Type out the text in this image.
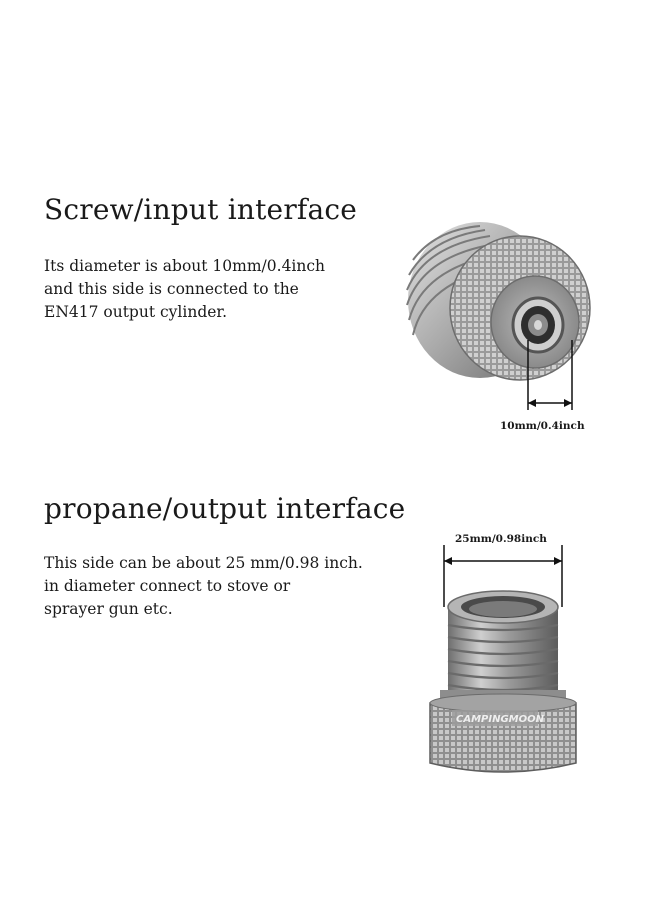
Screw/input interface

Its diameter is about 10mm/0.4inch
and this side is connected to the
EN417 output cylinder.

10mm/0.4inch
propane/output interface

This side can be about 25 mm/0.98 inch.
in diameter connect to stove or
sprayer gun etc.

25mm/0.98inch
CAMPINGMOON
